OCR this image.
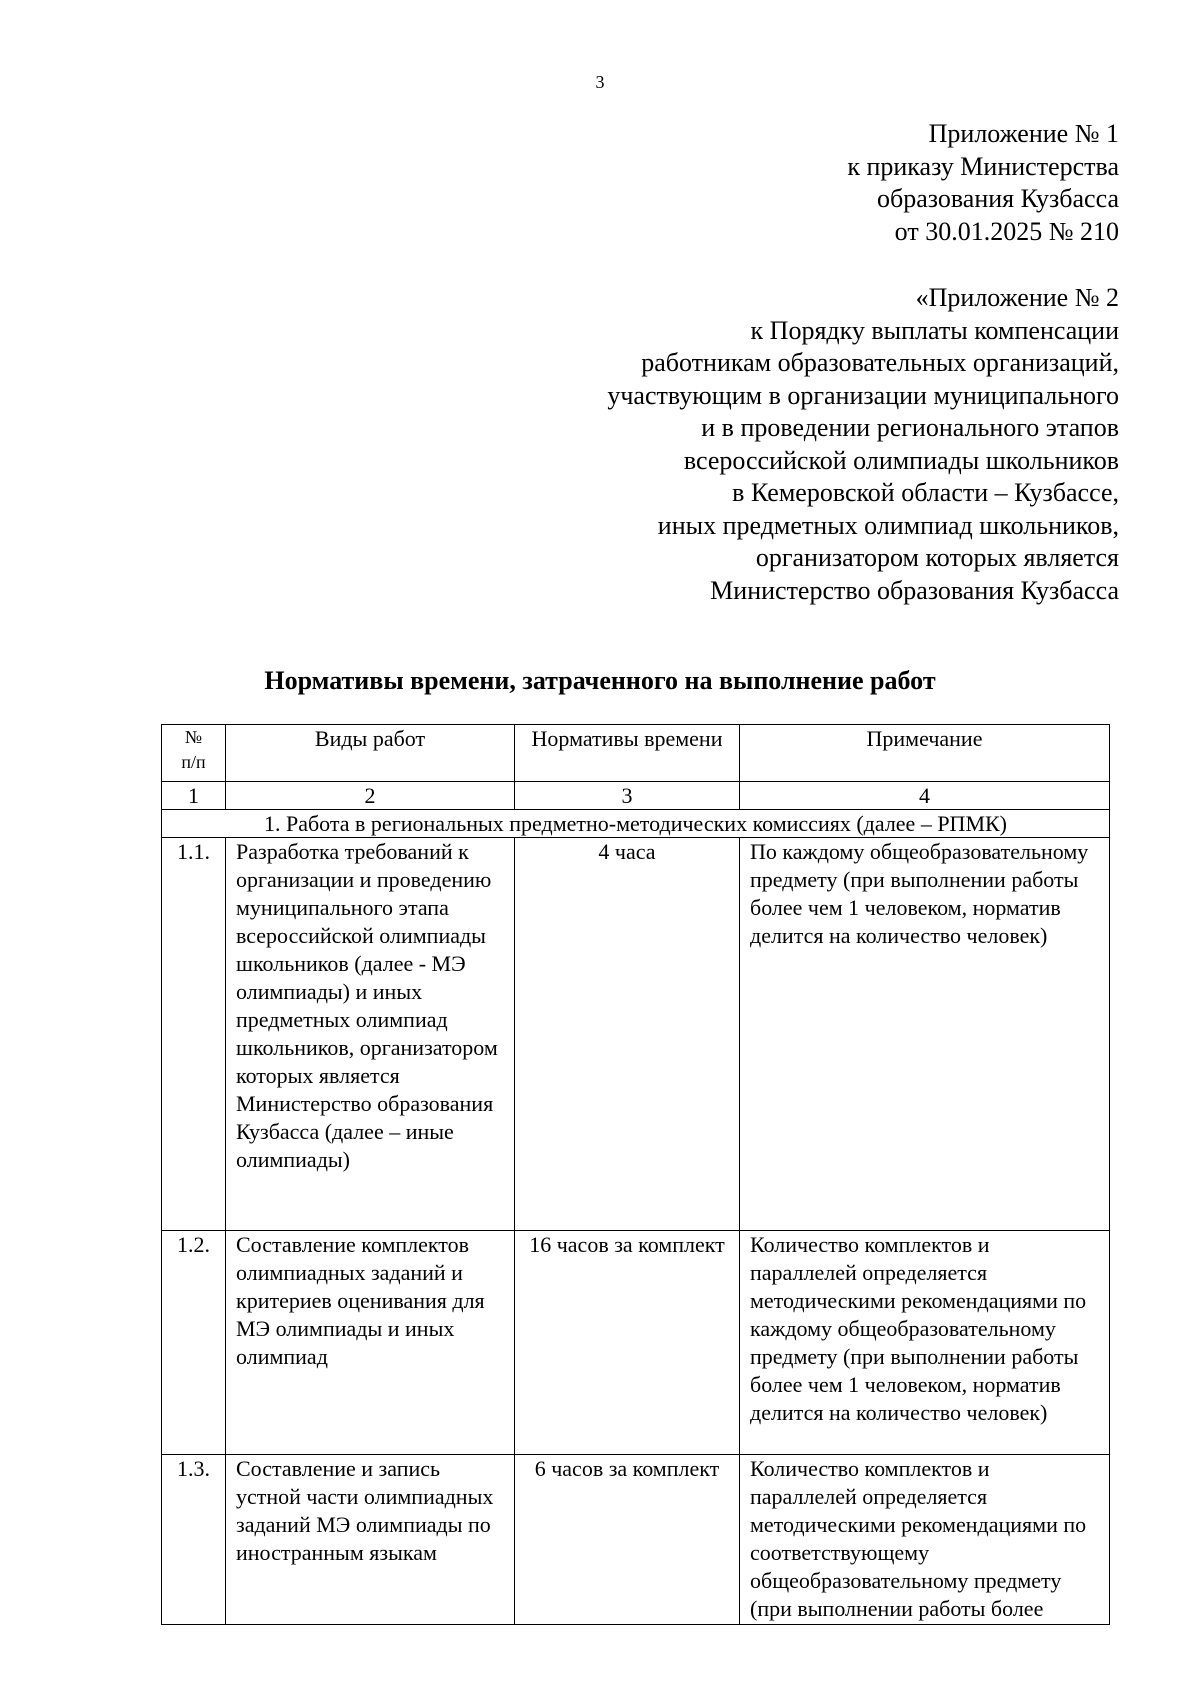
3
Приложение № 1
к приказу Министерства
образования Кузбасса
от 30.01.2025 № 210
«Приложение № 2
к Порядку выплаты компенсации
работникам образовательных организаций,
участвующим в организации муниципального
и в проведении регионального этапов
всероссийской олимпиады школьников
в Кемеровской области – Кузбассе,
иных предметных олимпиад школьников,
организатором которых является
Министерство образования Кузбасса
Нормативы времени, затраченного на выполнение работ
№
п/п	Виды работ	Нормативы времени	Примечание
1	2	3	4
1. Работа в региональных предметно-методических комиссиях (далее – РПМК)			
1.1.	Разработка требований к организации и проведению муниципального этапа всероссийской олимпиады школьников (далее - МЭ олимпиады) и иных предметных олимпиад школьников, организатором которых является Министерство образования Кузбасса (далее – иные олимпиады)	4 часа	По каждому общеобразовательному предмету (при выполнении работы более чем 1 человеком, норматив делится на количество человек)
1.2.	Составление комплектов олимпиадных заданий и критериев оценивания для МЭ олимпиады и иных олимпиад	16 часов за комплект	Количество комплектов и параллелей определяется методическими рекомендациями по каждому общеобразовательному предмету (при выполнении работы более чем 1 человеком, норматив делится на количество человек)
1.3.	Составление и запись устной части олимпиадных заданий МЭ олимпиады по иностранным языкам	6 часов за комплект	Количество комплектов и параллелей определяется методическими рекомендациями по соответствующему общеобразовательному предмету (при выполнении работы более
